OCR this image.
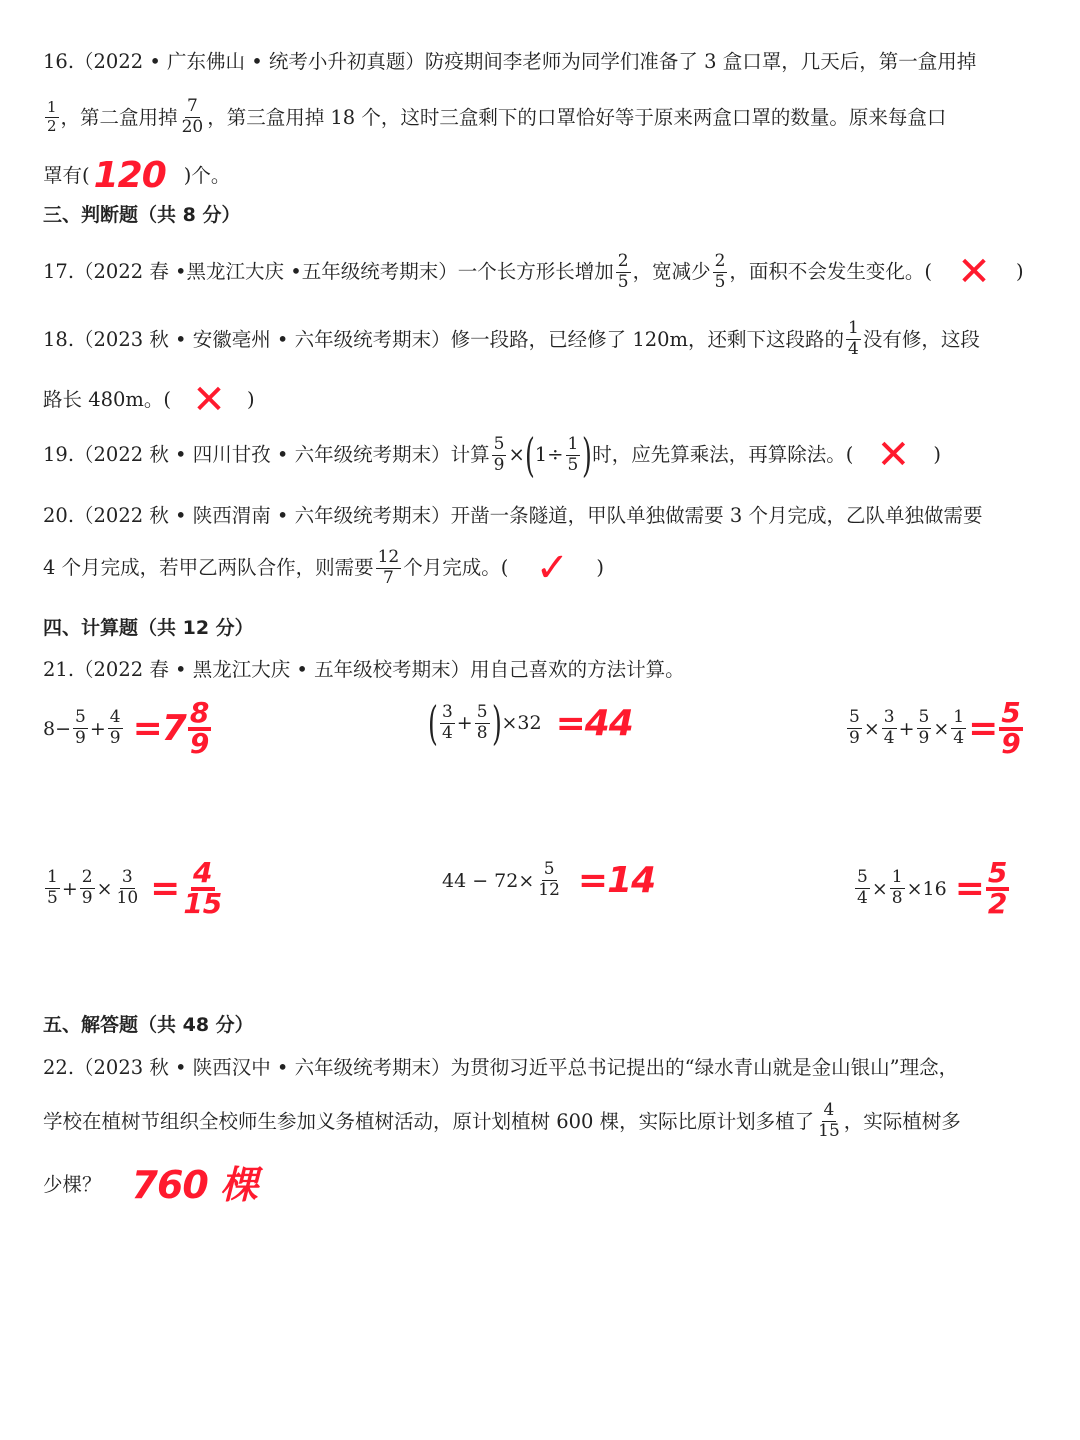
16.（2022 • 广东佛山 • 统考小升初真题）防疫期间李老师为同学们准备了 3 盒口罩，几天后，第一盒用掉
$\frac{1}{2}$ ，第二盒用掉 $\frac{7}{20}$ ，第三盒用掉 18 个，这时三盒剩下的口罩恰好等于原来两盒口罩的数量。原来每盒口
罩有( 120 )个。
三、判断题（共 8 分）
17.（2022 春 •黑龙江大庆 •五年级统考期末）一个长方形长增加 $\frac{2}{5}$ ，宽减少 $\frac{2}{5}$ ，面积不会发生变化。( ✕	)
18.（2023 秋 • 安徽亳州 • 六年级统考期末）修一段路，已经修了 120m，还剩下这段路的 $\frac{1}{4}$ 没有修，这段
路长 480m。( ✕	)
19.（2022 秋 • 四川甘孜 • 六年级统考期末）计算 $\frac{5}{9}$ × ( $1\div \frac{1}{5}$ ) 时，应先算乘法，再算除法。( ✕	)
20.（2022 秋 • 陕西渭南 • 六年级统考期末）开凿一条隧道，甲队单独做需要 3 个月完成，乙队单独做需要
4 个月完成，若甲乙两队合作，则需要 $\frac{12}{7}$ 个月完成。( ✓	)
四、计算题（共 12 分）
21.（2022 春 • 黑龙江大庆 • 五年级校考期末）用自己喜欢的方法计算。
$8- \frac{5}{9} + \frac{4}{9} =7 \frac{8}{9}$	( $\frac{3}{4} + \frac{5}{8}$ ) ×32 =44	$\frac{5}{9} \times \frac{3}{4} + \frac{5}{9} \times \frac{1}{4} = \frac{5}{9}$
$\frac{1}{5} + \frac{2}{9} \times \frac{3}{10} = \frac{4}{15}$	$44 - 72\times \frac{5}{12} =14$	$\frac{5}{4} \times \frac{1}{8} \times 16 = \frac{5}{2}$
五、解答题（共 48 分）
22.（2023 秋 • 陕西汉中 • 六年级统考期末）为贯彻习近平总书记提出的“绿水青山就是金山银山”理念，
学校在植树节组织全校师生参加义务植树活动，原计划植树 600 棵，实际比原计划多植了 $\frac{4}{15}$ ，实际植树多
少棵？ 760 棵
